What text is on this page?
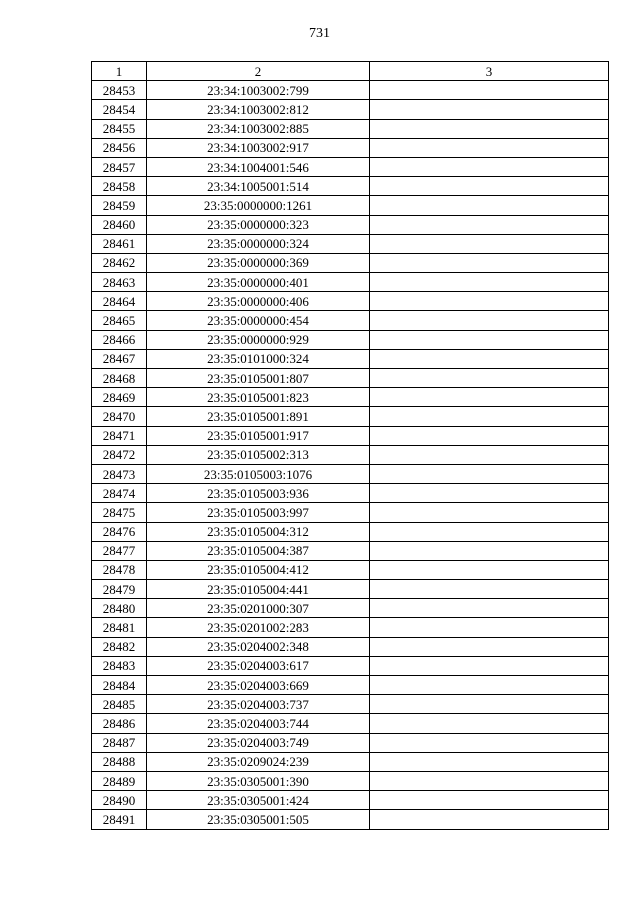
731
1	2	3
28453	23:34:1003002:799	
28454	23:34:1003002:812	
28455	23:34:1003002:885	
28456	23:34:1003002:917	
28457	23:34:1004001:546	
28458	23:34:1005001:514	
28459	23:35:0000000:1261	
28460	23:35:0000000:323	
28461	23:35:0000000:324	
28462	23:35:0000000:369	
28463	23:35:0000000:401	
28464	23:35:0000000:406	
28465	23:35:0000000:454	
28466	23:35:0000000:929	
28467	23:35:0101000:324	
28468	23:35:0105001:807	
28469	23:35:0105001:823	
28470	23:35:0105001:891	
28471	23:35:0105001:917	
28472	23:35:0105002:313	
28473	23:35:0105003:1076	
28474	23:35:0105003:936	
28475	23:35:0105003:997	
28476	23:35:0105004:312	
28477	23:35:0105004:387	
28478	23:35:0105004:412	
28479	23:35:0105004:441	
28480	23:35:0201000:307	
28481	23:35:0201002:283	
28482	23:35:0204002:348	
28483	23:35:0204003:617	
28484	23:35:0204003:669	
28485	23:35:0204003:737	
28486	23:35:0204003:744	
28487	23:35:0204003:749	
28488	23:35:0209024:239	
28489	23:35:0305001:390	
28490	23:35:0305001:424	
28491	23:35:0305001:505	
